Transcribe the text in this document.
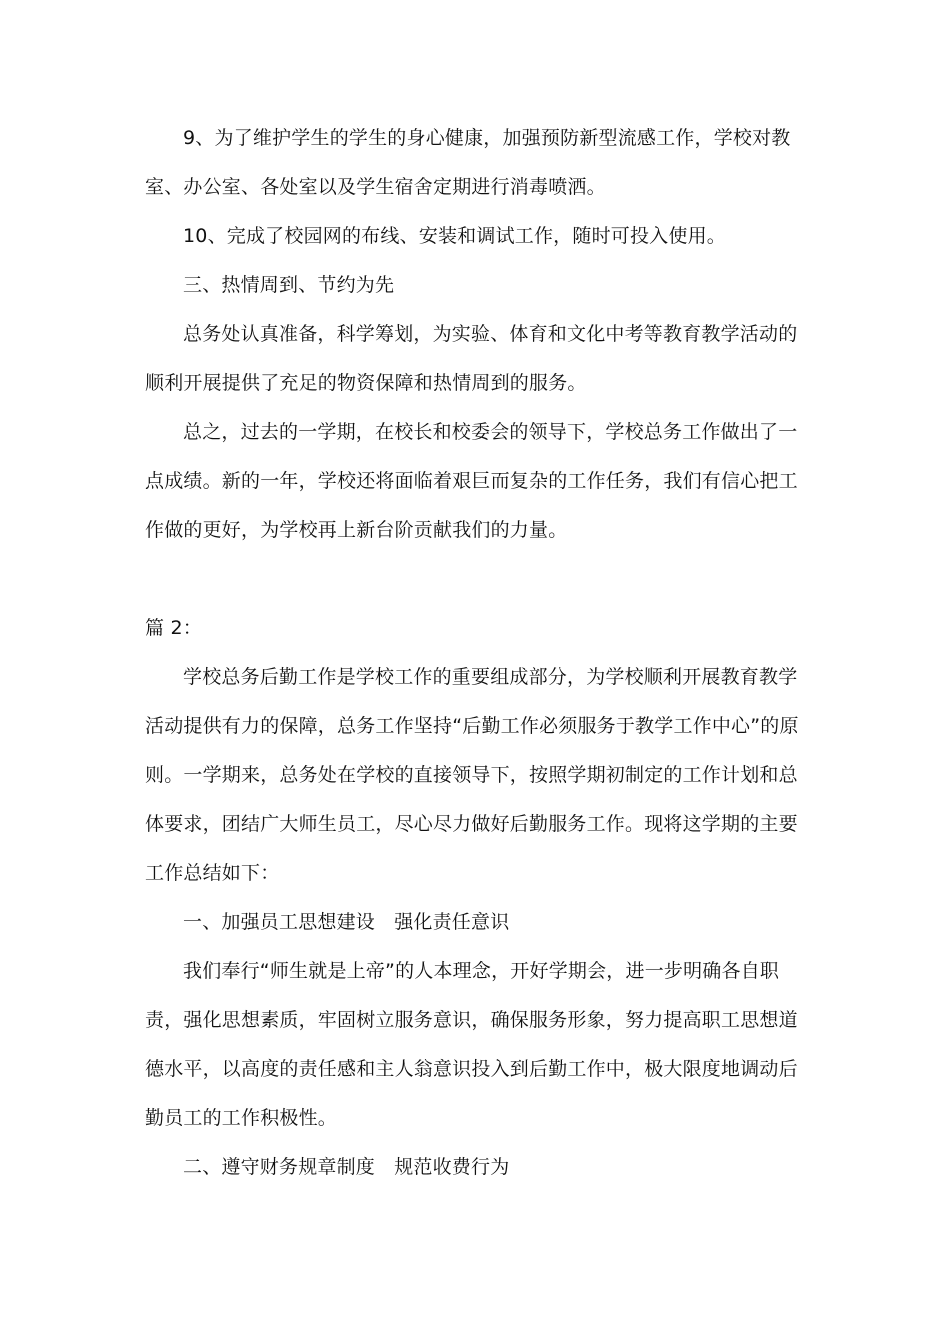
9、为了维护学生的学生的身心健康，加强预防新型流感工作，学校对教室、办公室、各处室以及学生宿舍定期进行消毒喷洒。

10、完成了校园网的布线、安装和调试工作，随时可投入使用。

三、热情周到、节约为先

总务处认真准备，科学筹划，为实验、体育和文化中考等教育教学活动的顺利开展提供了充足的物资保障和热情周到的服务。

总之，过去的一学期，在校长和校委会的领导下，学校总务工作做出了一点成绩。新的一年，学校还将面临着艰巨而复杂的工作任务，我们有信心把工作做的更好，为学校再上新台阶贡献我们的力量。

篇 2：

学校总务后勤工作是学校工作的重要组成部分，为学校顺利开展教育教学活动提供有力的保障，总务工作坚持“后勤工作必须服务于教学工作中心”的原则。一学期来，总务处在学校的直接领导下，按照学期初制定的工作计划和总体要求，团结广大师生员工，尽心尽力做好后勤服务工作。现将这学期的主要工作总结如下：

一、加强员工思想建设　强化责任意识

我们奉行“师生就是上帝”的人本理念，开好学期会，进一步明确各自职责，强化思想素质，牢固树立服务意识，确保服务形象，努力提高职工思想道德水平，以高度的责任感和主人翁意识投入到后勤工作中，极大限度地调动后勤员工的工作积极性。

二、遵守财务规章制度　规范收费行为
